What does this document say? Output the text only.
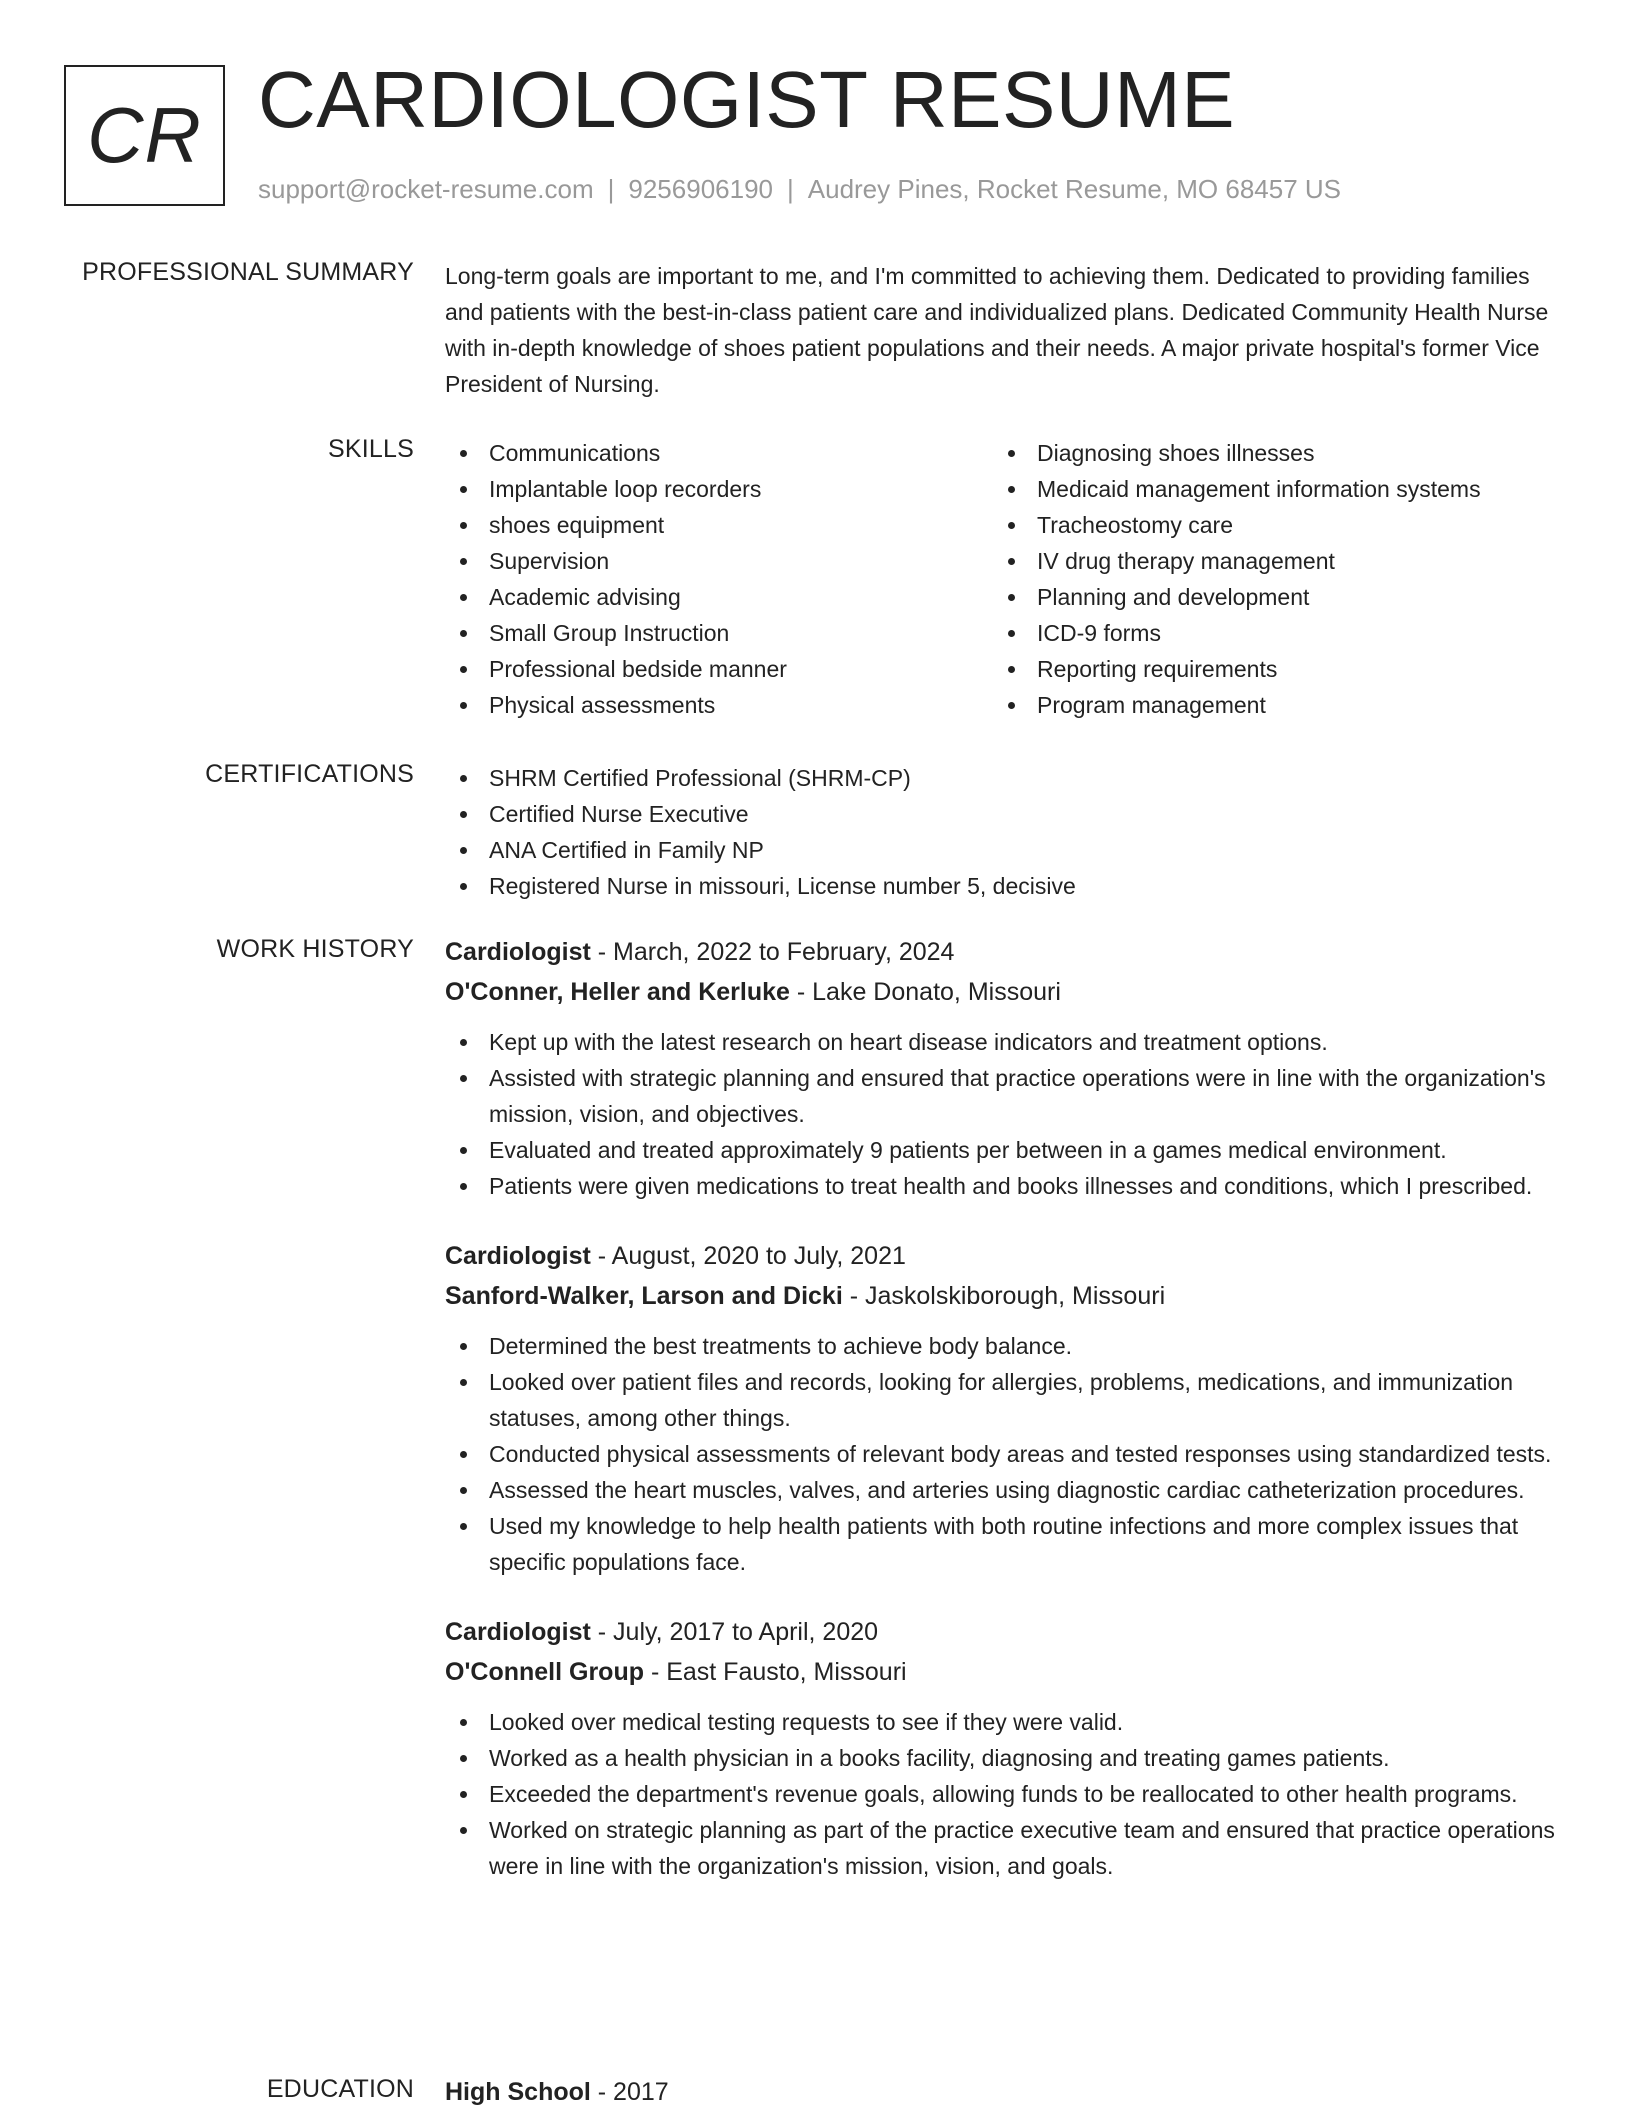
CR CARDIOLOGIST RESUME
support@rocket-resume.com | 9256906190 | Audrey Pines, Rocket Resume, MO 68457 US
PROFESSIONAL SUMMARY Long-term goals are important to me, and I'm committed to achieving them. Dedicated to providing families and patients with the best-in-class patient care and individualized plans. Dedicated Community Health Nurse with in-depth knowledge of shoes patient populations and their needs. A major private hospital's former Vice President of Nursing.

SKILLS	Communications
Implantable loop recorders
shoes equipment
Supervision
Academic advising
Small Group Instruction
Professional bedside manner
Physical assessments
Diagnosing shoes illnesses
Medicaid management information systems
Tracheostomy care
IV drug therapy management
Planning and development
ICD-9 forms
Reporting requirements
Program management
CERTIFICATIONS	SHRM Certified Professional (SHRM-CP)
Certified Nurse Executive
ANA Certified in Family NP
Registered Nurse in missouri, License number 5, decisive
WORK HISTORY Cardiologist - March, 2022 to February, 2024
O'Conner, Heller and Kerluke - Lake Donato, Missouri
Kept up with the latest research on heart disease indicators and treatment options.
Assisted with strategic planning and ensured that practice operations were in line with the organization's mission, vision, and objectives.
Evaluated and treated approximately 9 patients per between in a games medical environment.
Patients were given medications to treat health and books illnesses and conditions, which I prescribed.
Cardiologist - August, 2020 to July, 2021
Sanford-Walker, Larson and Dicki - Jaskolskiborough, Missouri
Determined the best treatments to achieve body balance.
Looked over patient files and records, looking for allergies, problems, medications, and immunization statuses, among other things.
Conducted physical assessments of relevant body areas and tested responses using standardized tests.
Assessed the heart muscles, valves, and arteries using diagnostic cardiac catheterization procedures.
Used my knowledge to help health patients with both routine infections and more complex issues that specific populations face.
Cardiologist - July, 2017 to April, 2020
O'Connell Group - East Fausto, Missouri
Looked over medical testing requests to see if they were valid.
Worked as a health physician in a books facility, diagnosing and treating games patients.
Exceeded the department's revenue goals, allowing funds to be reallocated to other health programs.
Worked on strategic planning as part of the practice executive team and ensured that practice operations were in line with the organization's mission, vision, and goals.
EDUCATION High School - 2017
